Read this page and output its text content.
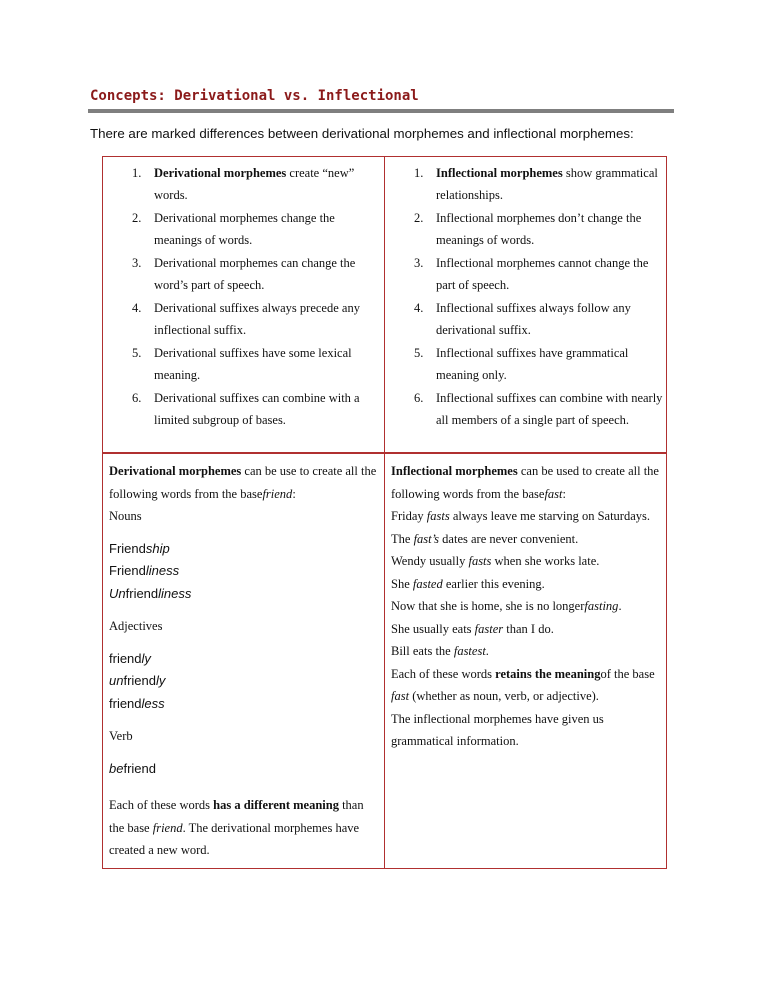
Concepts: Derivational vs. Inflectional
There are marked differences between derivational morphemes and inflectional morphemes:
1. Derivational morphemes create “new” words.
2. Derivational morphemes change the meanings of words.
3. Derivational morphemes can change the word’s part of speech.
4. Derivational suffixes always precede any inflectional suffix.
5. Derivational suffixes have some lexical meaning.
6. Derivational suffixes can combine with a limited subgroup of bases.
1. Inflectional morphemes show grammatical relationships.
2. Inflectional morphemes don’t change the meanings of words.
3. Inflectional morphemes cannot change the part of speech.
4. Inflectional suffixes always follow any derivational suffix.
5. Inflectional suffixes have grammatical meaning only.
6. Inflectional suffixes can combine with nearly all members of a single part of speech.

Derivational morphemes can be use to create all the following words from the basefriend:

Nouns

Friendship
Friendliness
Unfriendliness

Adjectives

friendly
unfriendly
friendless

Verb

befriend

Each of these words has a different meaning than the base friend. The derivational morphemes have created a new word.

Inflectional morphemes can be used to create all the following words from the basefast:

Friday fasts always leave me starving on Saturdays.

The fast’s dates are never convenient.

Wendy usually fasts when she works late.

She fasted earlier this evening.

Now that she is home, she is no longerfasting.

She usually eats faster than I do.

Bill eats the fastest.

Each of these words retains the meaningof the base fast (whether as noun, verb, or adjective).

The inflectional morphemes have given us grammatical information.
